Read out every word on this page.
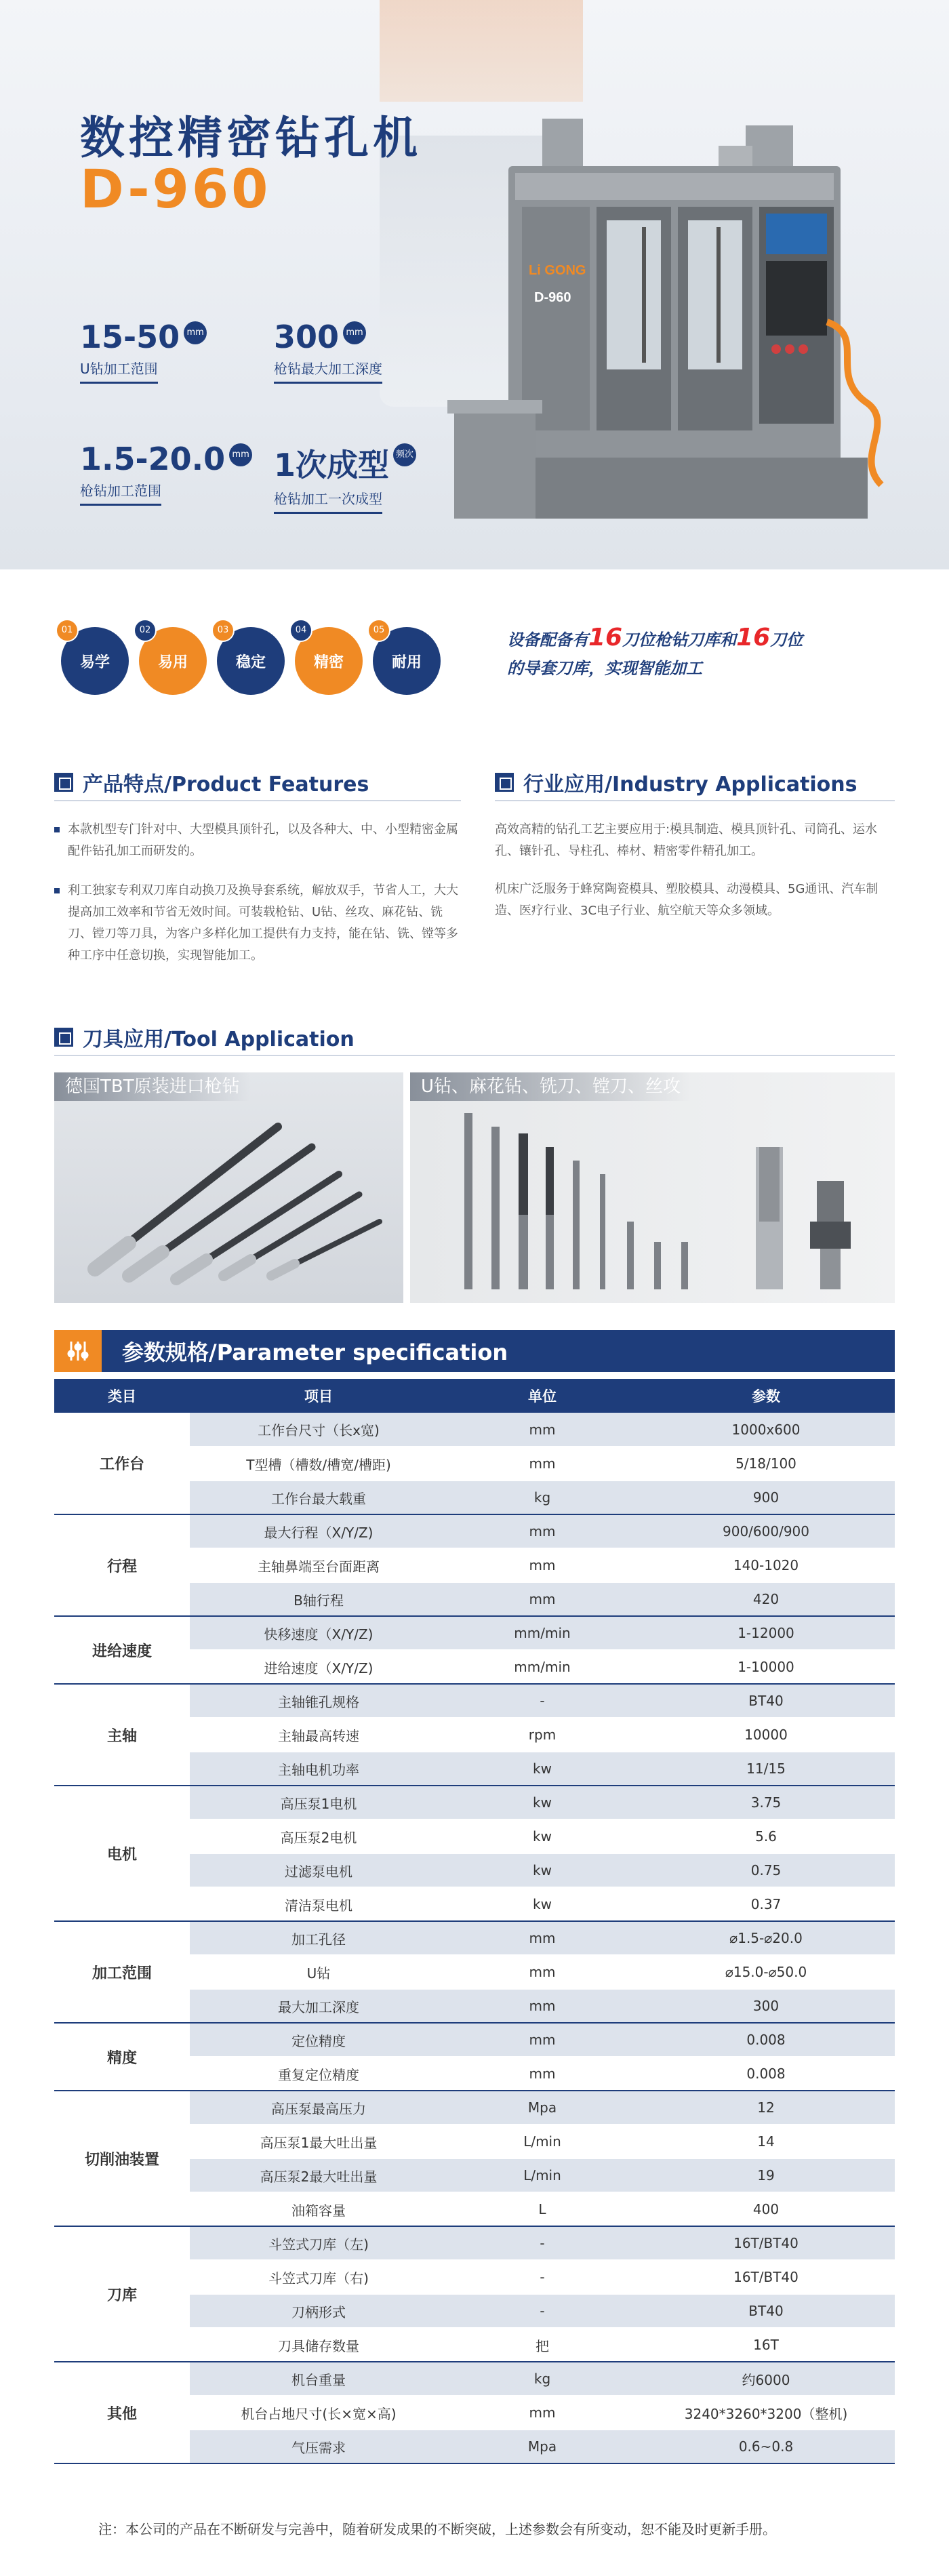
数控精密钻孔机
D-960
15-50 mm
U钻加工范围
300 mm
枪钻最大加工深度
1.5-20.0 mm
枪钻加工范围
1次成型 频次
枪钻加工一次成型
Li GONG
D-960
易学
01
易用
02
稳定
03
精密
04
耐用
05
设备配备有16刀位枪钻刀库和16刀位
的导套刀库，实现智能加工
产品特点/Product Features	行业应用/Industry Applications
本款机型专门针对中、大型模具顶针孔，以及各种大、中、小型精密金属配件钻孔加工而研发的。
利工独家专利双刀库自动换刀及换导套系统，解放双手，节省人工，大大提高加工效率和节省无效时间。可装载枪钻、U钻、丝攻、麻花钻、铣刀、镗刀等刀具，为客户多样化加工提供有力支持，能在钻、铣、镗等多种工序中任意切换，实现智能加工。

高效高精的钻孔工艺主要应用于:模具制造、模具顶针孔、司筒孔、运水孔、镶针孔、导柱孔、棒材、精密零件精孔加工。

机床广泛服务于蜂窝陶瓷模具、塑胶模具、动漫模具、5G通讯、汽车制造、医疗行业、3C电子行业、航空航天等众多领域。

刀具应用/Tool Application
德国TBT原装进口枪钻	U钻、麻花钻、铣刀、镗刀、丝攻
参数规格/Parameter specification
类目	项目	单位	参数
工作台	工作台尺寸（长x宽)	mm	1000x600
	T型槽（槽数/槽宽/槽距)	mm	5/18/100
	工作台最大载重	kg	900
行程	最大行程（X/Y/Z)	mm	900/600/900
	主轴鼻端至台面距离	mm	140-1020
	B轴行程	mm	420
进给速度	快移速度（X/Y/Z)	mm/min	1-12000
	进给速度（X/Y/Z)	mm/min	1-10000
主轴	主轴锥孔规格	-	BT40
	主轴最高转速	rpm	10000
	主轴电机功率	kw	11/15
电机	高压泵1电机	kw	3.75
	高压泵2电机	kw	5.6
	过滤泵电机	kw	0.75
	清洁泵电机	kw	0.37
加工范围	加工孔径	mm	⌀1.5-⌀20.0
	U钻	mm	⌀15.0-⌀50.0
	最大加工深度	mm	300
精度	定位精度	mm	0.008
	重复定位精度	mm	0.008
切削油装置	高压泵最高压力	Mpa	12
	高压泵1最大吐出量	L/min	14
	高压泵2最大吐出量	L/min	19
	油箱容量	L	400
刀库	斗笠式刀库（左)	-	16T/BT40
	斗笠式刀库（右)	-	16T/BT40
	刀柄形式	-	BT40
	刀具储存数量	把	16T
其他	机台重量	kg	约6000
	机台占地尺寸(长×宽×高)	mm	3240*3260*3200（整机)
	气压需求	Mpa	0.6~0.8
注：本公司的产品在不断研发与完善中，随着研发成果的不断突破，上述参数会有所变动，恕不能及时更新手册。
